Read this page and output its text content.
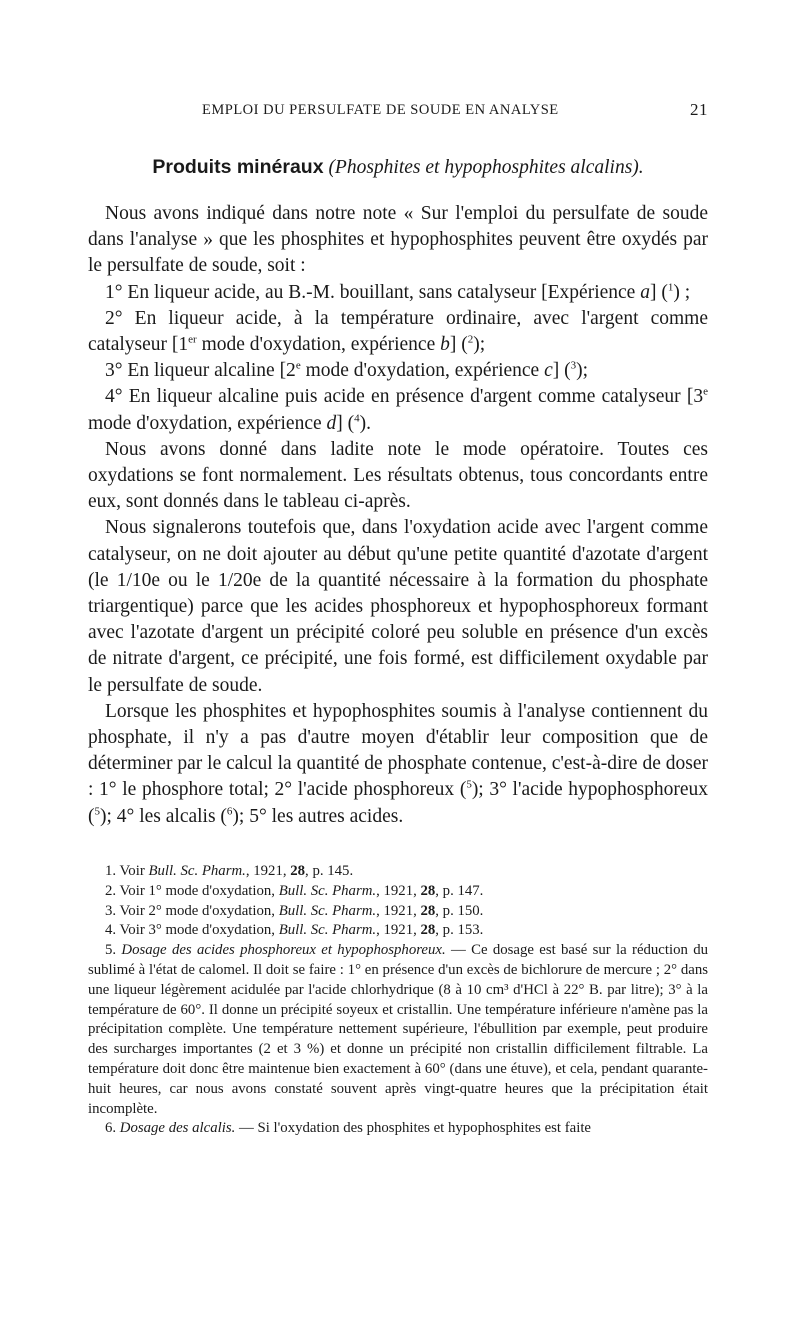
EMPLOI DU PERSULFATE DE SOUDE EN ANALYSE	21
Produits minéraux (Phosphites et hypophosphites alcalins).

Nous avons indiqué dans notre note « Sur l'emploi du persulfate de soude dans l'analyse » que les phosphites et hypophosphites peuvent être oxydés par le persulfate de soude, soit :

1° En liqueur acide, au B.-M. bouillant, sans catalyseur [Expérience a] ($^1$) ;

2° En liqueur acide, à la température ordinaire, avec l'argent comme catalyseur [1er mode d'oxydation, expérience b] ($^2$);

3° En liqueur alcaline [2e mode d'oxydation, expérience c] ($^3$);

4° En liqueur alcaline puis acide en présence d'argent comme catalyseur [3e mode d'oxydation, expérience d] ($^4$).

Nous avons donné dans ladite note le mode opératoire. Toutes ces oxydations se font normalement. Les résultats obtenus, tous concordants entre eux, sont donnés dans le tableau ci-après.

Nous signalerons toutefois que, dans l'oxydation acide avec l'argent comme catalyseur, on ne doit ajouter au début qu'une petite quantité d'azotate d'argent (le 1/10e ou le 1/20e de la quantité nécessaire à la formation du phosphate triargentique) parce que les acides phosphoreux et hypophosphoreux formant avec l'azotate d'argent un précipité coloré peu soluble en présence d'un excès de nitrate d'argent, ce précipité, une fois formé, est difficilement oxydable par le persulfate de soude.

Lorsque les phosphites et hypophosphites soumis à l'analyse contiennent du phosphate, il n'y a pas d'autre moyen d'établir leur composition que de déterminer par le calcul la quantité de phosphate contenue, c'est-à-dire de doser : 1° le phosphore total; 2° l'acide phosphoreux ($^5$); 3° l'acide hypophosphoreux ($^5$); 4° les alcalis ($^6$); 5° les autres acides.

1. Voir Bull. Sc. Pharm., 1921, 28, p. 145.

2. Voir 1° mode d'oxydation, Bull. Sc. Pharm., 1921, 28, p. 147.

3. Voir 2° mode d'oxydation, Bull. Sc. Pharm., 1921, 28, p. 150.

4. Voir 3° mode d'oxydation, Bull. Sc. Pharm., 1921, 28, p. 153.

5. Dosage des acides phosphoreux et hypophosphoreux. — Ce dosage est basé sur la réduction du sublimé à l'état de calomel. Il doit se faire : 1° en présence d'un excès de bichlorure de mercure ; 2° dans une liqueur légèrement acidulée par l'acide chlorhydrique (8 à 10 cm³ d'HCl à 22° B. par litre); 3° à la température de 60°. Il donne un précipité soyeux et cristallin. Une température inférieure n'amène pas la précipitation complète. Une température nettement supérieure, l'ébullition par exemple, peut produire des surcharges importantes (2 et 3 %) et donne un précipité non cristallin difficilement filtrable. La température doit donc être maintenue bien exactement à 60° (dans une étuve), et cela, pendant quarante-huit heures, car nous avons constaté souvent après vingt-quatre heures que la précipitation était incomplète.

6. Dosage des alcalis. — Si l'oxydation des phosphites et hypophosphites est faite
